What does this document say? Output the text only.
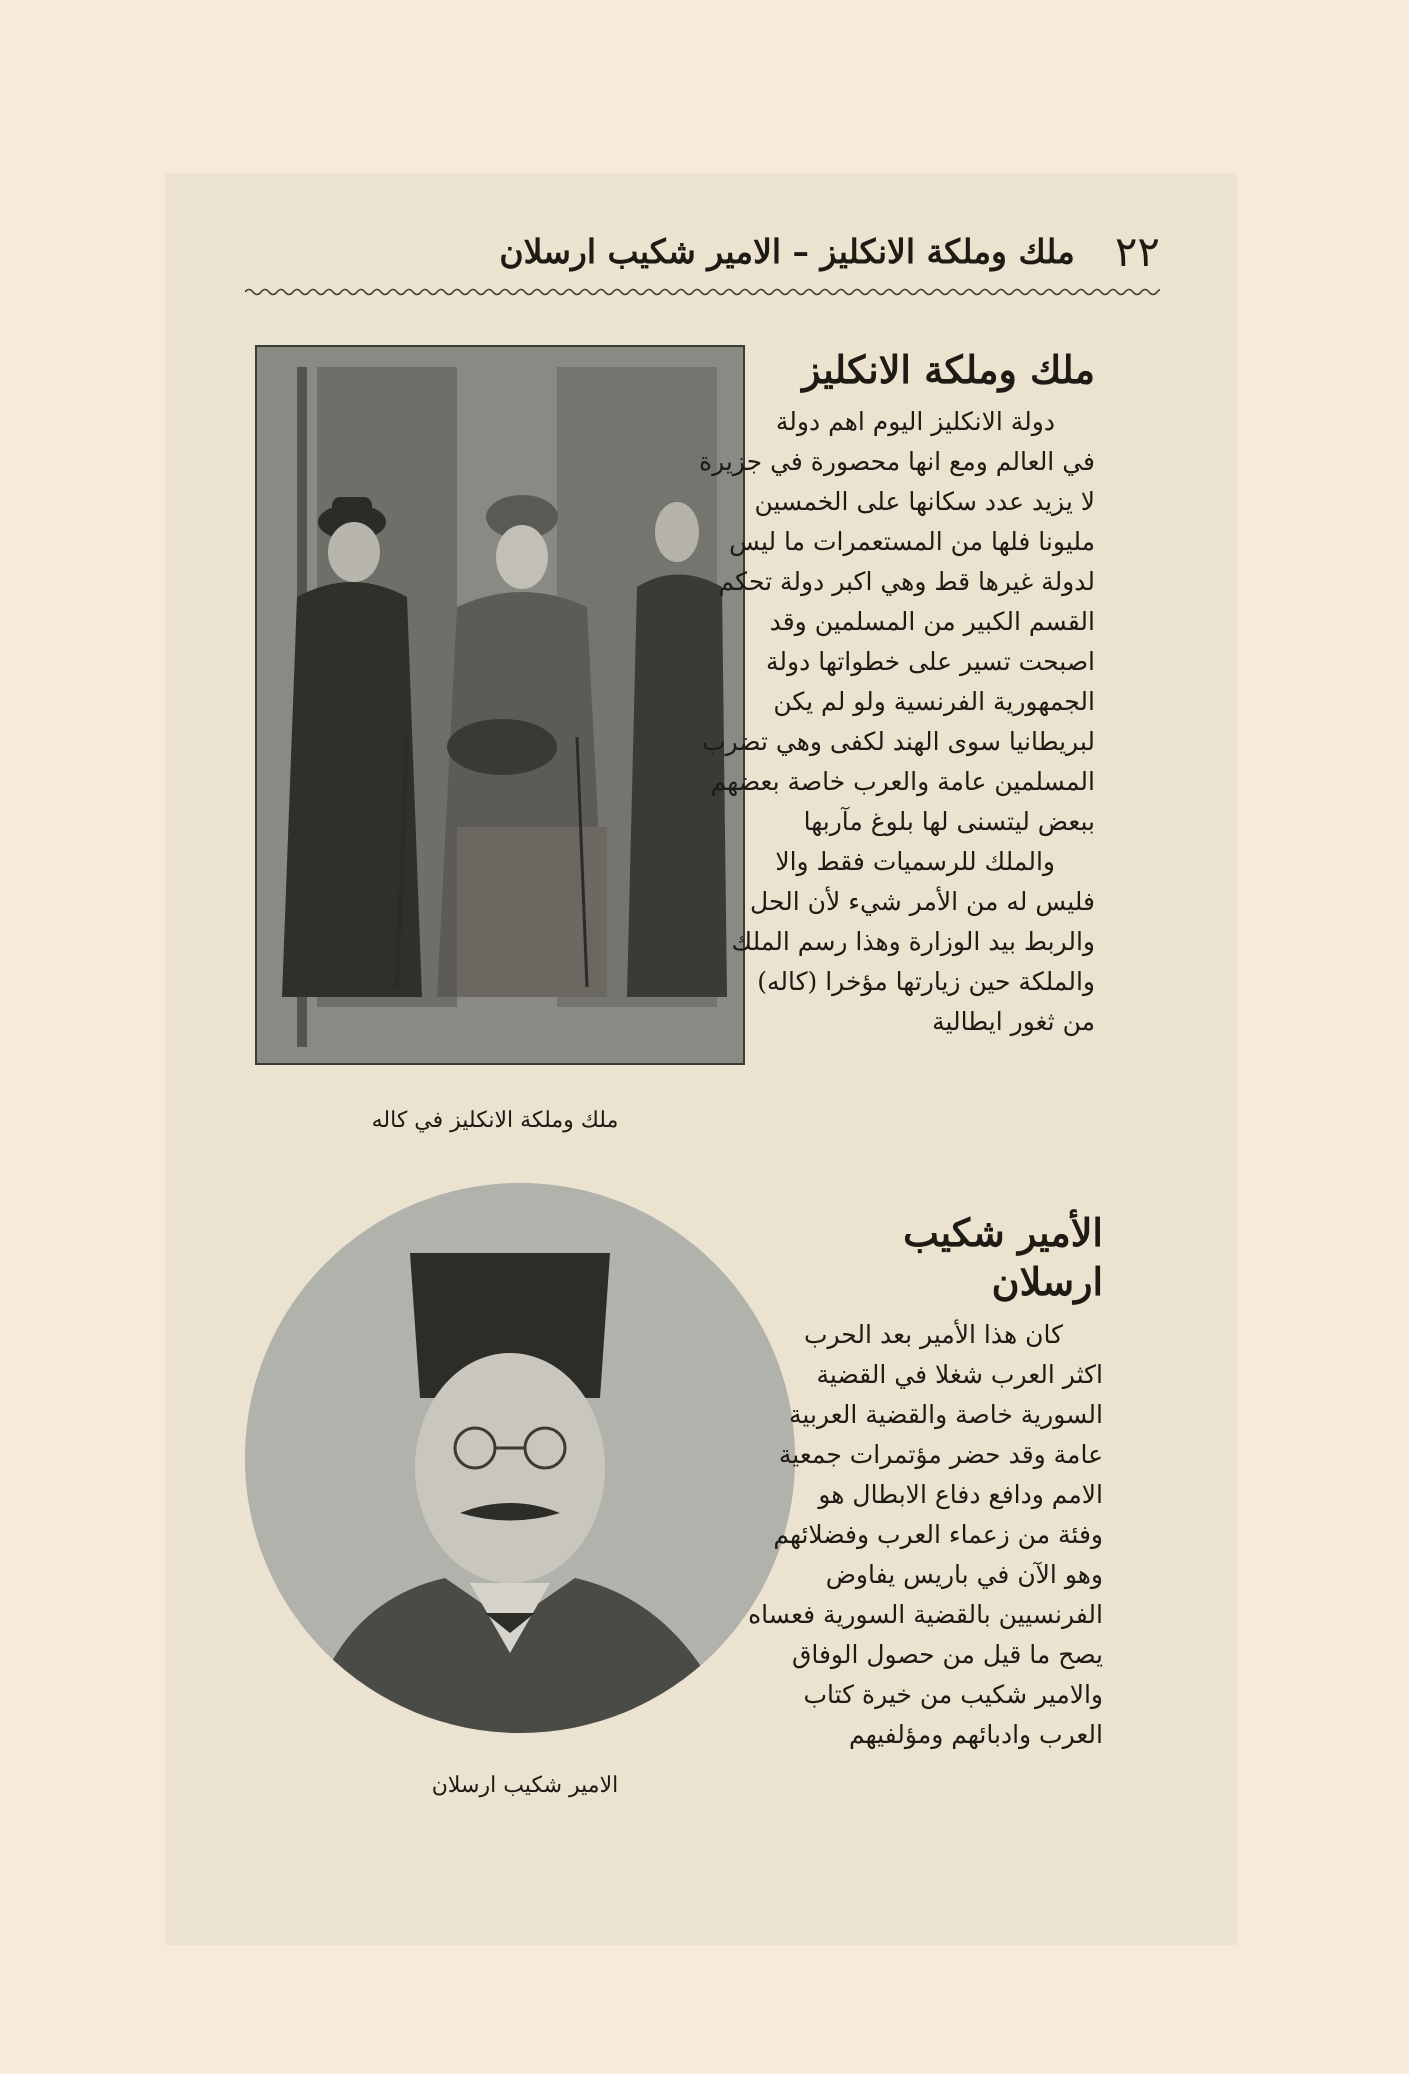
٢٢
ملك وملكة الانكليز – الامير شكيب ارسلان
ملك وملكة الانكليز في كاله
ملك وملكة الانكليز

دولة الانكليز اليوم اهم دولة
في العالم ومع انها محصورة في جزيرة
لا يزيد عدد سكانها على الخمسين
مليونا فلها من المستعمرات ما ليس
لدولة غيرها قط وهي اكبر دولة تحكم
القسم الكبير من المسلمين وقد
اصبحت تسير على خطواتها دولة
الجمهورية الفرنسية ولو لم يكن
لبريطانيا سوى الهند لكفى وهي تضرب
المسلمين عامة والعرب خاصة بعضهم
ببعض ليتسنى لها بلوغ مآربها
والملك للرسميات فقط والا
فليس له من الأمر شيء لأن الحل
والربط بيد الوزارة وهذا رسم الملك
والملكة حين زيارتها مؤخرا (كاله)
من ثغور ايطالية

الامير شكيب ارسلان
الأمير شكيب ارسلان

كان هذا الأمير بعد الحرب
اكثر العرب شغلا في القضية
السورية خاصة والقضية العربية
عامة وقد حضر مؤتمرات جمعية
الامم ودافع دفاع الابطال هو
وفئة من زعماء العرب وفضلائهم
وهو الآن في باريس يفاوض
الفرنسيين بالقضية السورية فعساه
يصح ما قيل من حصول الوفاق
والامير شكيب من خيرة كتاب
العرب وادبائهم ومؤلفيهم
